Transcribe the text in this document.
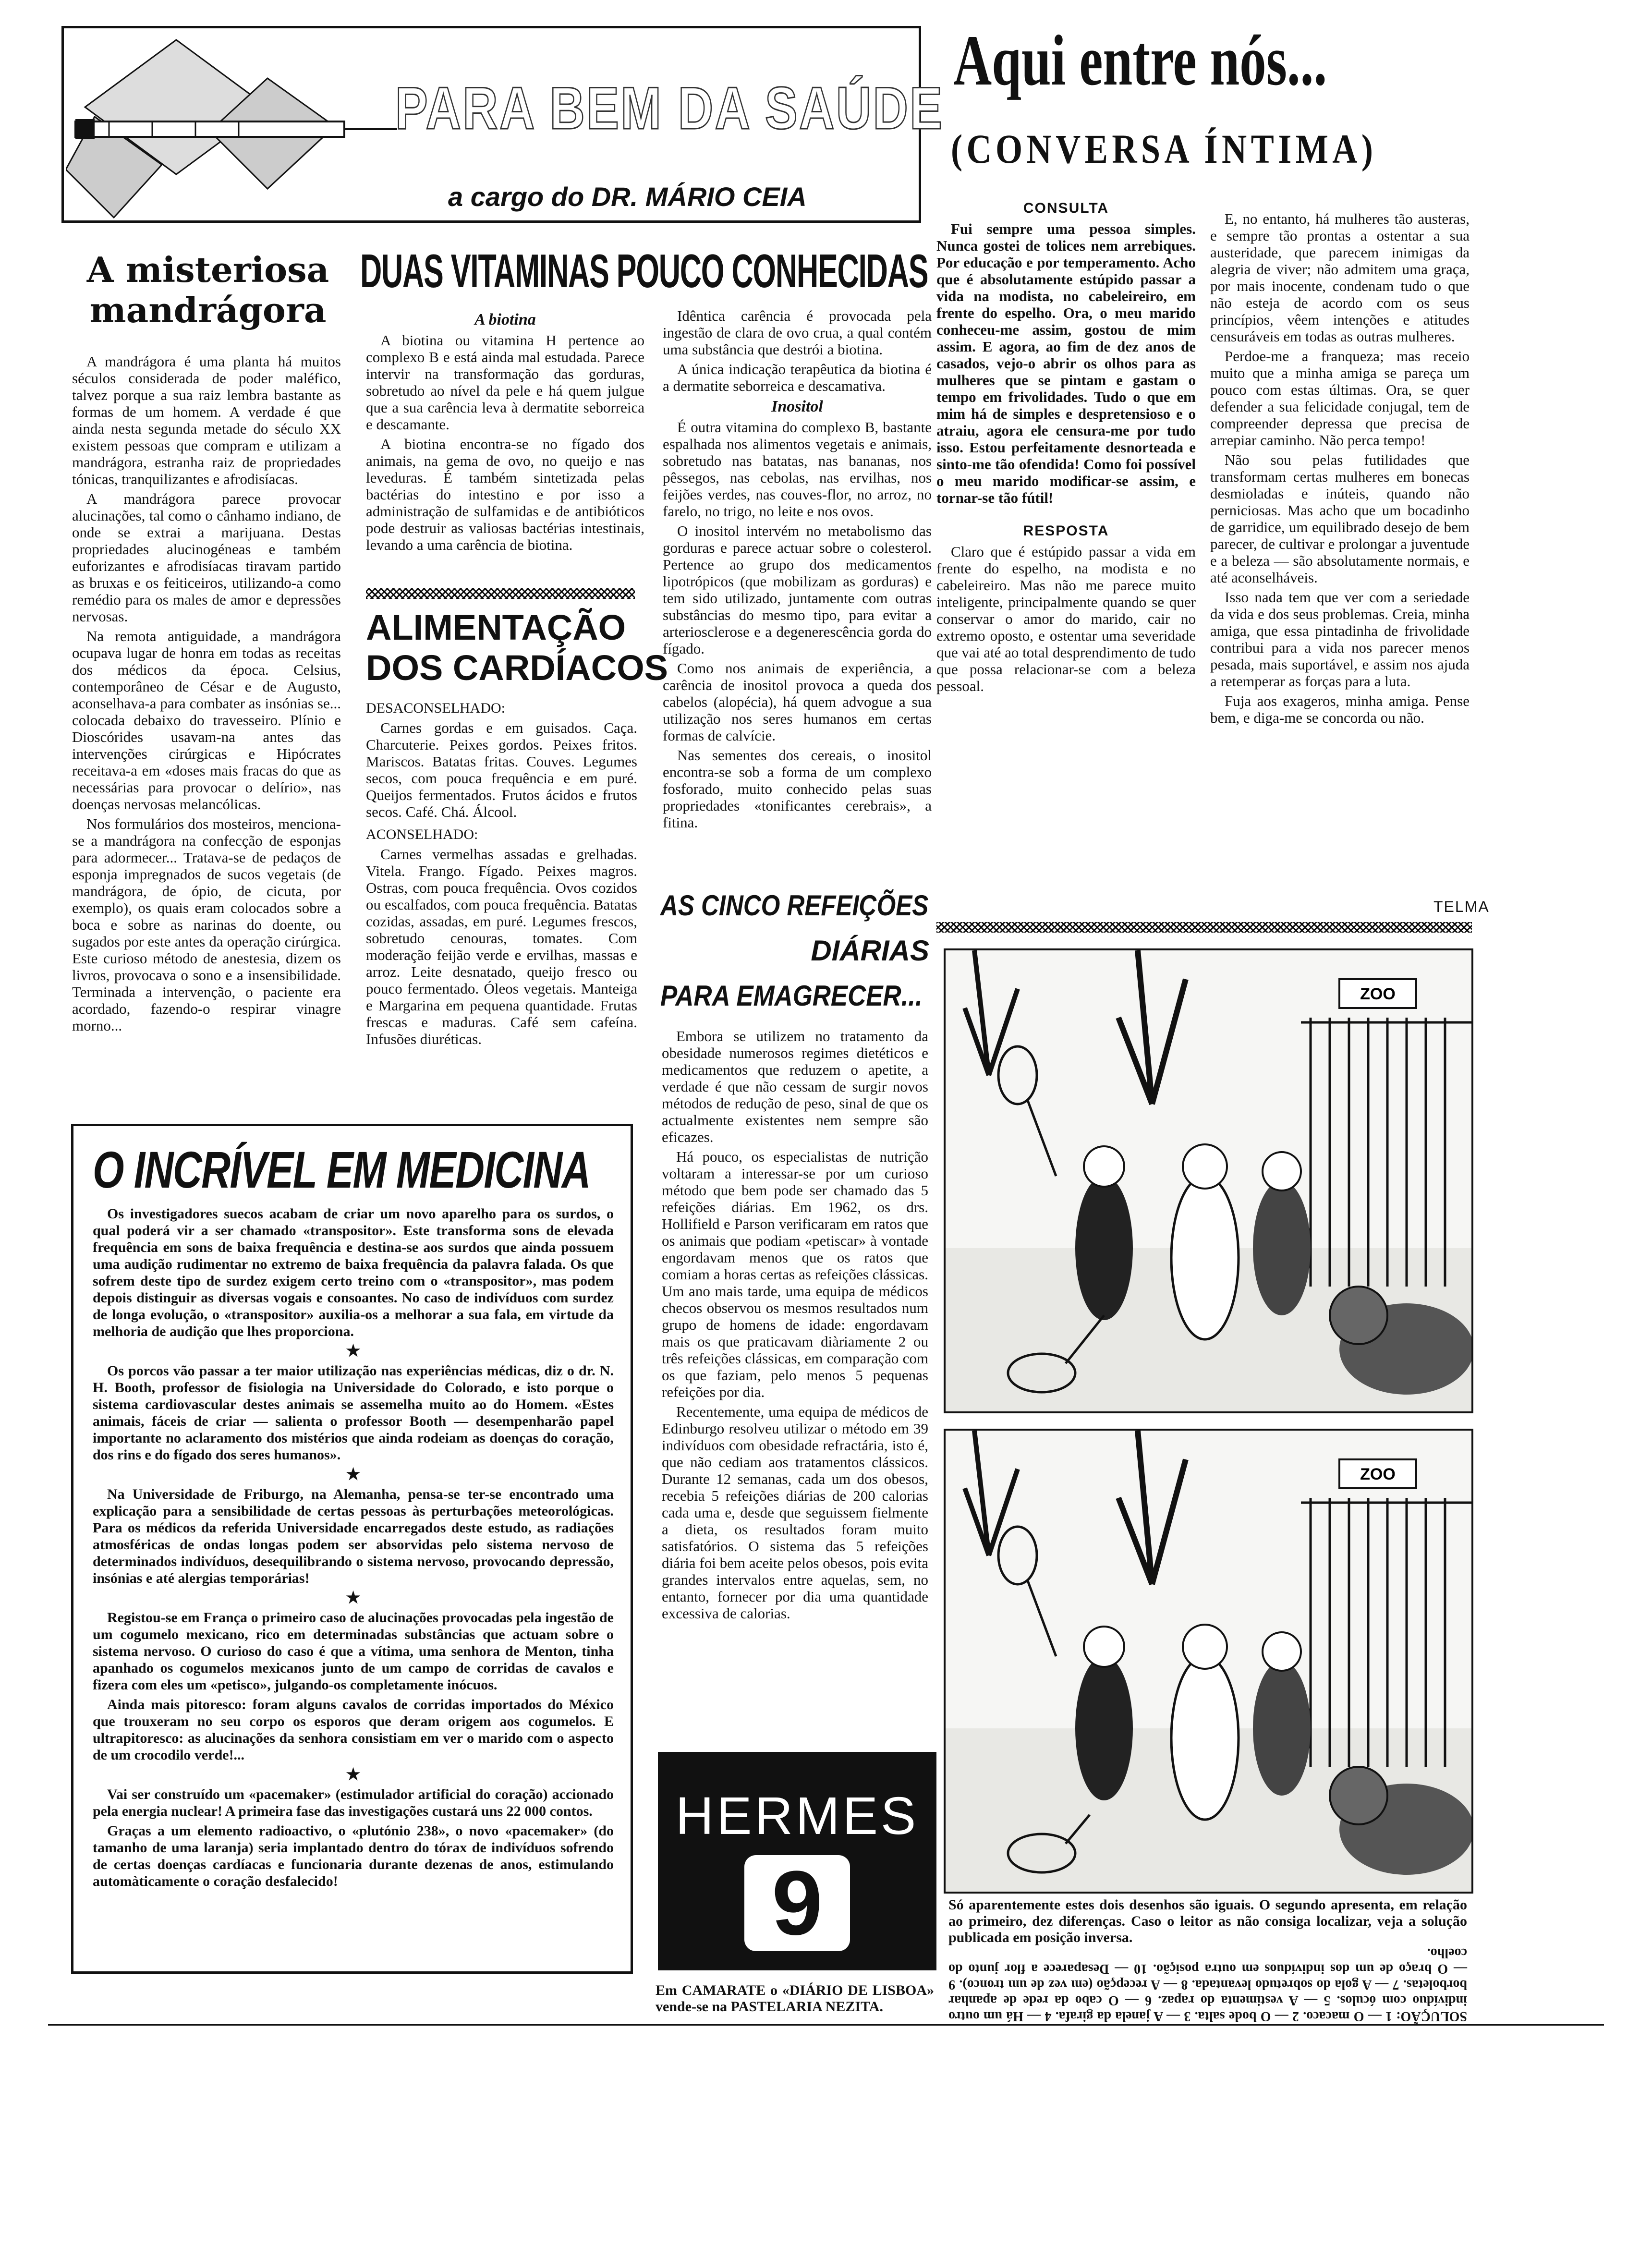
PARA BEM DA SAÚDE
a cargo do DR. MÁRIO CEIA
A misteriosa
mandrágora

A mandrágora é uma planta há muitos séculos considerada de poder maléfico, talvez porque a sua raiz lembra bastante as formas de um homem. A verdade é que ainda nesta segunda metade do século XX existem pessoas que compram e utilizam a mandrágora, estranha raiz de propriedades tónicas, tranquilizantes e afrodisíacas.

A mandrágora parece provocar alucinações, tal como o cânhamo indiano, de onde se extrai a marijuana. Destas propriedades alucinogéneas e também euforizantes e afrodisíacas tiravam partido as bruxas e os feiticeiros, utilizando-a como remédio para os males de amor e depressões nervosas.

Na remota antiguidade, a mandrágora ocupava lugar de honra em todas as receitas dos médicos da época. Celsius, contemporâneo de César e de Augusto, aconselhava-a para combater as insónias se... colocada debaixo do travesseiro. Plínio e Dioscórides usavam-na antes das intervenções cirúrgicas e Hipócrates receitava-a em «doses mais fracas do que as necessárias para provocar o delírio», nas doenças nervosas melancólicas.

Nos formulários dos mosteiros, menciona-se a mandrágora na confecção de esponjas para adormecer... Tratava-se de pedaços de esponja impregnados de sucos vegetais (de mandrágora, de ópio, de cicuta, por exemplo), os quais eram colocados sobre a boca e sobre as narinas do doente, ou sugados por este antes da operação cirúrgica. Este curioso método de anestesia, dizem os livros, provocava o sono e a insensibilidade. Terminada a intervenção, o paciente era acordado, fazendo-o respirar vinagre morno...

DUAS VITAMINAS POUCO CONHECIDAS

A biotina

A biotina ou vitamina H pertence ao complexo B e está ainda mal estudada. Parece intervir na transformação das gorduras, sobretudo ao nível da pele e há quem julgue que a sua carência leva à dermatite seborreica e descamante.

A biotina encontra-se no fígado dos animais, na gema de ovo, no queijo e nas leveduras. É também sintetizada pelas bactérias do intestino e por isso a administração de sulfamidas e de antibióticos pode destruir as valiosas bactérias intestinais, levando a uma carência de biotina.

Idêntica carência é provocada pela ingestão de clara de ovo crua, a qual contém uma substância que destrói a biotina.

A única indicação terapêutica da biotina é a dermatite seborreica e descamativa.

Inositol

É outra vitamina do complexo B, bastante espalhada nos alimentos vegetais e animais, sobretudo nas batatas, nas bananas, nos pêssegos, nas cebolas, nas ervilhas, nos feijões verdes, nas couves-flor, no arroz, no farelo, no trigo, no leite e nos ovos.

O inositol intervém no metabolismo das gorduras e parece actuar sobre o colesterol. Pertence ao grupo dos medicamentos lipotrópicos (que mobilizam as gorduras) e tem sido utilizado, juntamente com outras substâncias do mesmo tipo, para evitar a arteriosclerose e a degenerescência gorda do fígado.

Como nos animais de experiência, a carência de inositol provoca a queda dos cabelos (alopécia), há quem advogue a sua utilização nos seres humanos em certas formas de calvície.

Nas sementes dos cereais, o inositol encontra-se sob a forma de um complexo fosforado, muito conhecido pelas suas propriedades «tonificantes cerebrais», a fitina.

ALIMENTAÇÃO
DOS CARDÍACOS

DESACONSELHADO:

Carnes gordas e em guisados. Caça. Charcuterie. Peixes gordos. Peixes fritos. Mariscos. Batatas fritas. Couves. Legumes secos, com pouca frequência e em puré. Queijos fermentados. Frutos ácidos e frutos secos. Café. Chá. Álcool.

ACONSELHADO:

Carnes vermelhas assadas e grelhadas. Vitela. Frango. Fígado. Peixes magros. Ostras, com pouca frequência. Ovos cozidos ou escalfados, com pouca frequência. Batatas cozidas, assadas, em puré. Legumes frescos, sobretudo cenouras, tomates. Com moderação feijão verde e ervilhas, massas e arroz. Leite desnatado, queijo fresco ou pouco fermentado. Óleos vegetais. Manteiga e Margarina em pequena quantidade. Frutas frescas e maduras. Café sem cafeína. Infusões diuréticas.

AS CINCO REFEIÇÕES
DIÁRIAS
PARA EMAGRECER...

Embora se utilizem no tratamento da obesidade numerosos regimes dietéticos e medicamentos que reduzem o apetite, a verdade é que não cessam de surgir novos métodos de redução de peso, sinal de que os actualmente existentes nem sempre são eficazes.

Há pouco, os especialistas de nutrição voltaram a interessar-se por um curioso método que bem pode ser chamado das 5 refeições diárias. Em 1962, os drs. Hollifield e Parson verificaram em ratos que os animais que podiam «petiscar» à vontade engordavam menos que os ratos que comiam a horas certas as refeições clássicas. Um ano mais tarde, uma equipa de médicos checos observou os mesmos resultados num grupo de homens de idade: engordavam mais os que praticavam diàriamente 2 ou três refeições clássicas, em comparação com os que faziam, pelo menos 5 pequenas refeições por dia.

Recentemente, uma equipa de médicos de Edinburgo resolveu utilizar o método em 39 indivíduos com obesidade refractária, isto é, que não cediam aos tratamentos clássicos. Durante 12 semanas, cada um dos obesos, recebia 5 refeições diárias de 200 calorias cada uma e, desde que seguissem fielmente a dieta, os resultados foram muito satisfatórios. O sistema das 5 refeições diária foi bem aceite pelos obesos, pois evita grandes intervalos entre aquelas, sem, no entanto, fornecer por dia uma quantidade excessiva de calorias.

O INCRÍVEL EM MEDICINA

Os investigadores suecos acabam de criar um novo aparelho para os surdos, o qual poderá vir a ser chamado «transpositor». Este transforma sons de elevada frequência em sons de baixa frequência e destina-se aos surdos que ainda possuem uma audição rudimentar no extremo de baixa frequência da palavra falada. Os que sofrem deste tipo de surdez exigem certo treino com o «transpositor», mas podem depois distinguir as diversas vogais e consoantes. No caso de indivíduos com surdez de longa evolução, o «transpositor» auxilia-os a melhorar a sua fala, em virtude da melhoria de audição que lhes proporciona.

★

Os porcos vão passar a ter maior utilização nas experiências médicas, diz o dr. N. H. Booth, professor de fisiologia na Universidade do Colorado, e isto porque o sistema cardiovascular destes animais se assemelha muito ao do Homem. «Estes animais, fáceis de criar — salienta o professor Booth — desempenharão papel importante no aclaramento dos mistérios que ainda rodeiam as doenças do coração, dos rins e do fígado dos seres humanos».

★

Na Universidade de Friburgo, na Alemanha, pensa-se ter-se encontrado uma explicação para a sensibilidade de certas pessoas às perturbações meteorológicas. Para os médicos da referida Universidade encarregados deste estudo, as radiações atmosféricas de ondas longas podem ser absorvidas pelo sistema nervoso de determinados indivíduos, desequilibrando o sistema nervoso, provocando depressão, insónias e até alergias temporárias!

★

Registou-se em França o primeiro caso de alucinações provocadas pela ingestão de um cogumelo mexicano, rico em determinadas substâncias que actuam sobre o sistema nervoso. O curioso do caso é que a vítima, uma senhora de Menton, tinha apanhado os cogumelos mexicanos junto de um campo de corridas de cavalos e fizera com eles um «petisco», julgando-os completamente inócuos.

Ainda mais pitoresco: foram alguns cavalos de corridas importados do México que trouxeram no seu corpo os esporos que deram origem aos cogumelos. E ultrapitoresco: as alucinações da senhora consistiam em ver o marido com o aspecto de um crocodilo verde!...

★

Vai ser construído um «pacemaker» (estimulador artificial do coração) accionado pela energia nuclear! A primeira fase das investigações custará uns 22 000 contos.

Graças a um elemento radioactivo, o «plutónio 238», o novo «pacemaker» (do tamanho de uma laranja) seria implantado dentro do tórax de indivíduos sofrendo de certas doenças cardíacas e funcionaria durante dezenas de anos, estimulando automàticamente o coração desfalecido!

Aqui entre nós...
(CONVERSA ÍNTIMA)

CONSULTA

Fui sempre uma pessoa simples. Nunca gostei de tolices nem arrebiques. Por educação e por temperamento. Acho que é absolutamente estúpido passar a vida na modista, no cabeleireiro, em frente do espelho. Ora, o meu marido conheceu-me assim, gostou de mim assim. E agora, ao fim de dez anos de casados, vejo-o abrir os olhos para as mulheres que se pintam e gastam o tempo em frivolidades. Tudo o que em mim há de simples e despretensioso e o atraiu, agora ele censura-me por tudo isso. Estou perfeitamente desnorteada e sinto-me tão ofendida! Como foi possível o meu marido modificar-se assim, e tornar-se tão fútil!

RESPOSTA

Claro que é estúpido passar a vida em frente do espelho, na modista e no cabeleireiro. Mas não me parece muito inteligente, principalmente quando se quer conservar o amor do marido, cair no extremo oposto, e ostentar uma severidade que vai até ao total desprendimento de tudo que possa relacionar-se com a beleza pessoal.

E, no entanto, há mulheres tão austeras, e sempre tão prontas a ostentar a sua austeridade, que parecem inimigas da alegria de viver; não admitem uma graça, por mais inocente, condenam tudo o que não esteja de acordo com os seus princípios, vêem intenções e atitudes censuráveis em todas as outras mulheres.

Perdoe-me a franqueza; mas receio muito que a minha amiga se pareça um pouco com estas últimas. Ora, se quer defender a sua felicidade conjugal, tem de compreender depressa que precisa de arrepiar caminho. Não perca tempo!

Não sou pelas futilidades que transformam certas mulheres em bonecas desmioladas e inúteis, quando não perniciosas. Mas acho que um bocadinho de garridice, um equilibrado desejo de bem parecer, de cultivar e prolongar a juventude e a beleza — são absolutamente normais, e até aconselháveis.

Isso nada tem que ver com a seriedade da vida e dos seus problemas. Creia, minha amiga, que essa pintadinha de frivolidade contribui para a vida nos parecer menos pesada, mais suportável, e assim nos ajuda a retemperar as forças para a luta.

Fuja aos exageros, minha amiga. Pense bem, e diga-me se concorda ou não.

TELMA
ZOO
ZOO
Só aparentemente estes dois desenhos são iguais. O segundo apresenta, em relação ao primeiro, dez diferenças. Caso o leitor as não consiga localizar, veja a solução publicada em posição inversa.
SOLUÇÃO: 1 — O macaco. 2 — O bode salta. 3 — A janela da girafa. 4 — Há um outro indivíduo com óculos. 5 — A vestimenta do rapaz. 6 — O cabo da rede de apanhar borboletas. 7 — A gola do sobretudo levantada. 8 — A recepção (em vez de um tronco). 9 — O braço de um dos indivíduos em outra posição. 10 — Desaparece a flor junto do coelho.
HERMES
9
Em CAMARATE o «DIÁRIO DE LISBOA» vende-se na PASTELARIA NEZITA.
